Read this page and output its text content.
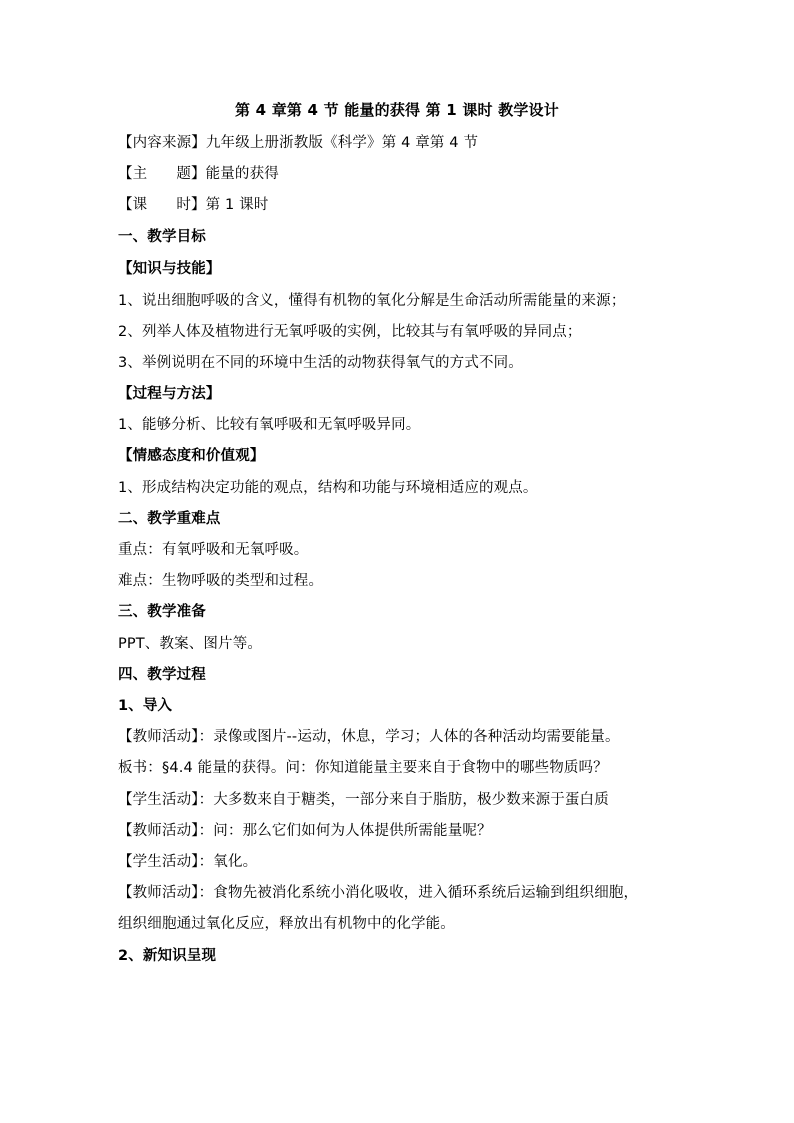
第 4 章第 4 节 能量的获得 第 1 课时 教学设计
【内容来源】九年级上册浙教版《科学》第 4 章第 4 节
【主 题】能量的获得
【课 时】第 1 课时
一、教学目标
【知识与技能】
1、说出细胞呼吸的含义，懂得有机物的氧化分解是生命活动所需能量的来源；
2、列举人体及植物进行无氧呼吸的实例，比较其与有氧呼吸的异同点；
3、举例说明在不同的环境中生活的动物获得氧气的方式不同。
【过程与方法】
1、能够分析、比较有氧呼吸和无氧呼吸异同。
【情感态度和价值观】
1、形成结构决定功能的观点，结构和功能与环境相适应的观点。
二、教学重难点
重点：有氧呼吸和无氧呼吸。
难点：生物呼吸的类型和过程。
三、教学准备
PPT、教案、图片等。
四、教学过程
1、导入
【教师活动】：录像或图片--运动，休息，学习；人体的各种活动均需要能量。
板书：§4.4 能量的获得。问：你知道能量主要来自于食物中的哪些物质吗？
【学生活动】：大多数来自于糖类，一部分来自于脂肪，极少数来源于蛋白质
【教师活动】：问：那么它们如何为人体提供所需能量呢？
【学生活动】：氧化。
【教师活动】：食物先被消化系统小消化吸收，进入循环系统后运输到组织细胞，
组织细胞通过氧化反应，释放出有机物中的化学能。
2、新知识呈现
